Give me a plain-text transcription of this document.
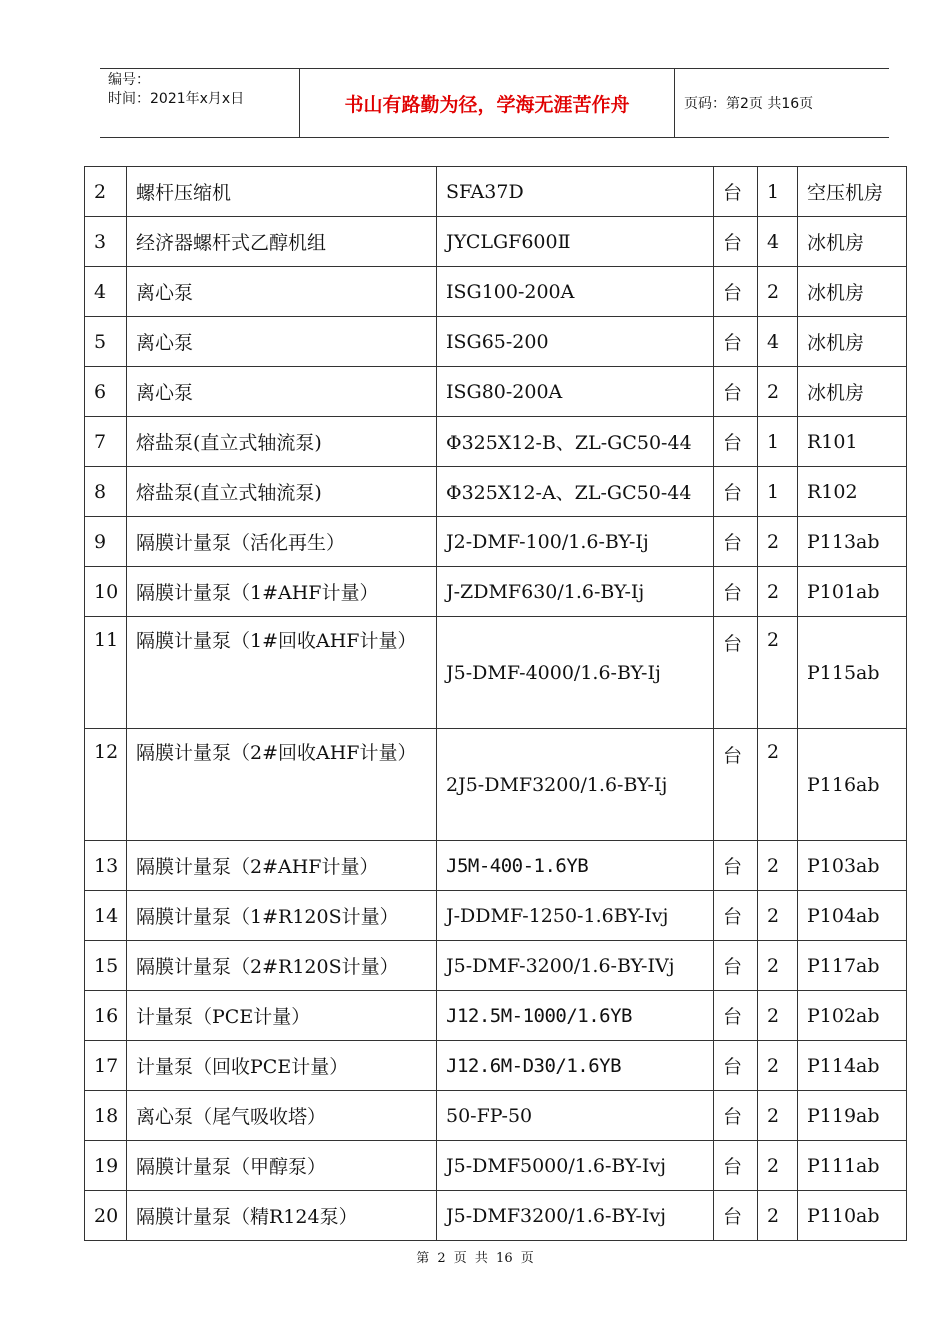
编号：
时间：2021年x月x日	书山有路勤为径，学海无涯苦作舟	页码：第2页 共16页
2	螺杆压缩机	SFA37D	台	1	空压机房
3	经济器螺杆式乙醇机组	JYCLGF600Ⅱ	台	4	冰机房
4	离心泵	ISG100-200A	台	2	冰机房
5	离心泵	ISG65-200	台	4	冰机房
6	离心泵	ISG80-200A	台	2	冰机房
7	熔盐泵(直立式轴流泵)	Φ325X12-B、ZL-GC50-44	台	1	R101
8	熔盐泵(直立式轴流泵)	Φ325X12-A、ZL-GC50-44	台	1	R102
9	隔膜计量泵（活化再生）	J2-DMF-100/1.6-BY-Ij	台	2	P113ab
10	隔膜计量泵（1#AHF计量）	J-ZDMF630/1.6-BY-Ij	台	2	P101ab
11	隔膜计量泵（1#回收AHF计量）	J5-DMF-4000/1.6-BY-Ij	台	2	P115ab
12	隔膜计量泵（2#回收AHF计量）	2J5-DMF3200/1.6-BY-Ij	台	2	P116ab
13	隔膜计量泵（2#AHF计量）	J5M-400-1.6YB	台	2	P103ab
14	隔膜计量泵（1#R120S计量）	J-DDMF-1250-1.6BY-Ivj	台	2	P104ab
15	隔膜计量泵（2#R120S计量）	J5-DMF-3200/1.6-BY-IVj	台	2	P117ab
16	计量泵（PCE计量）	J12.5M-1000/1.6YB	台	2	P102ab
17	计量泵（回收PCE计量）	J12.6M-D30/1.6YB	台	2	P114ab
18	离心泵（尾气吸收塔）	50-FP-50	台	2	P119ab
19	隔膜计量泵（甲醇泵）	J5-DMF5000/1.6-BY-Ivj	台	2	P111ab
20	隔膜计量泵（精R124泵）	J5-DMF3200/1.6-BY-Ivj	台	2	P110ab
第 2 页 共 16 页
